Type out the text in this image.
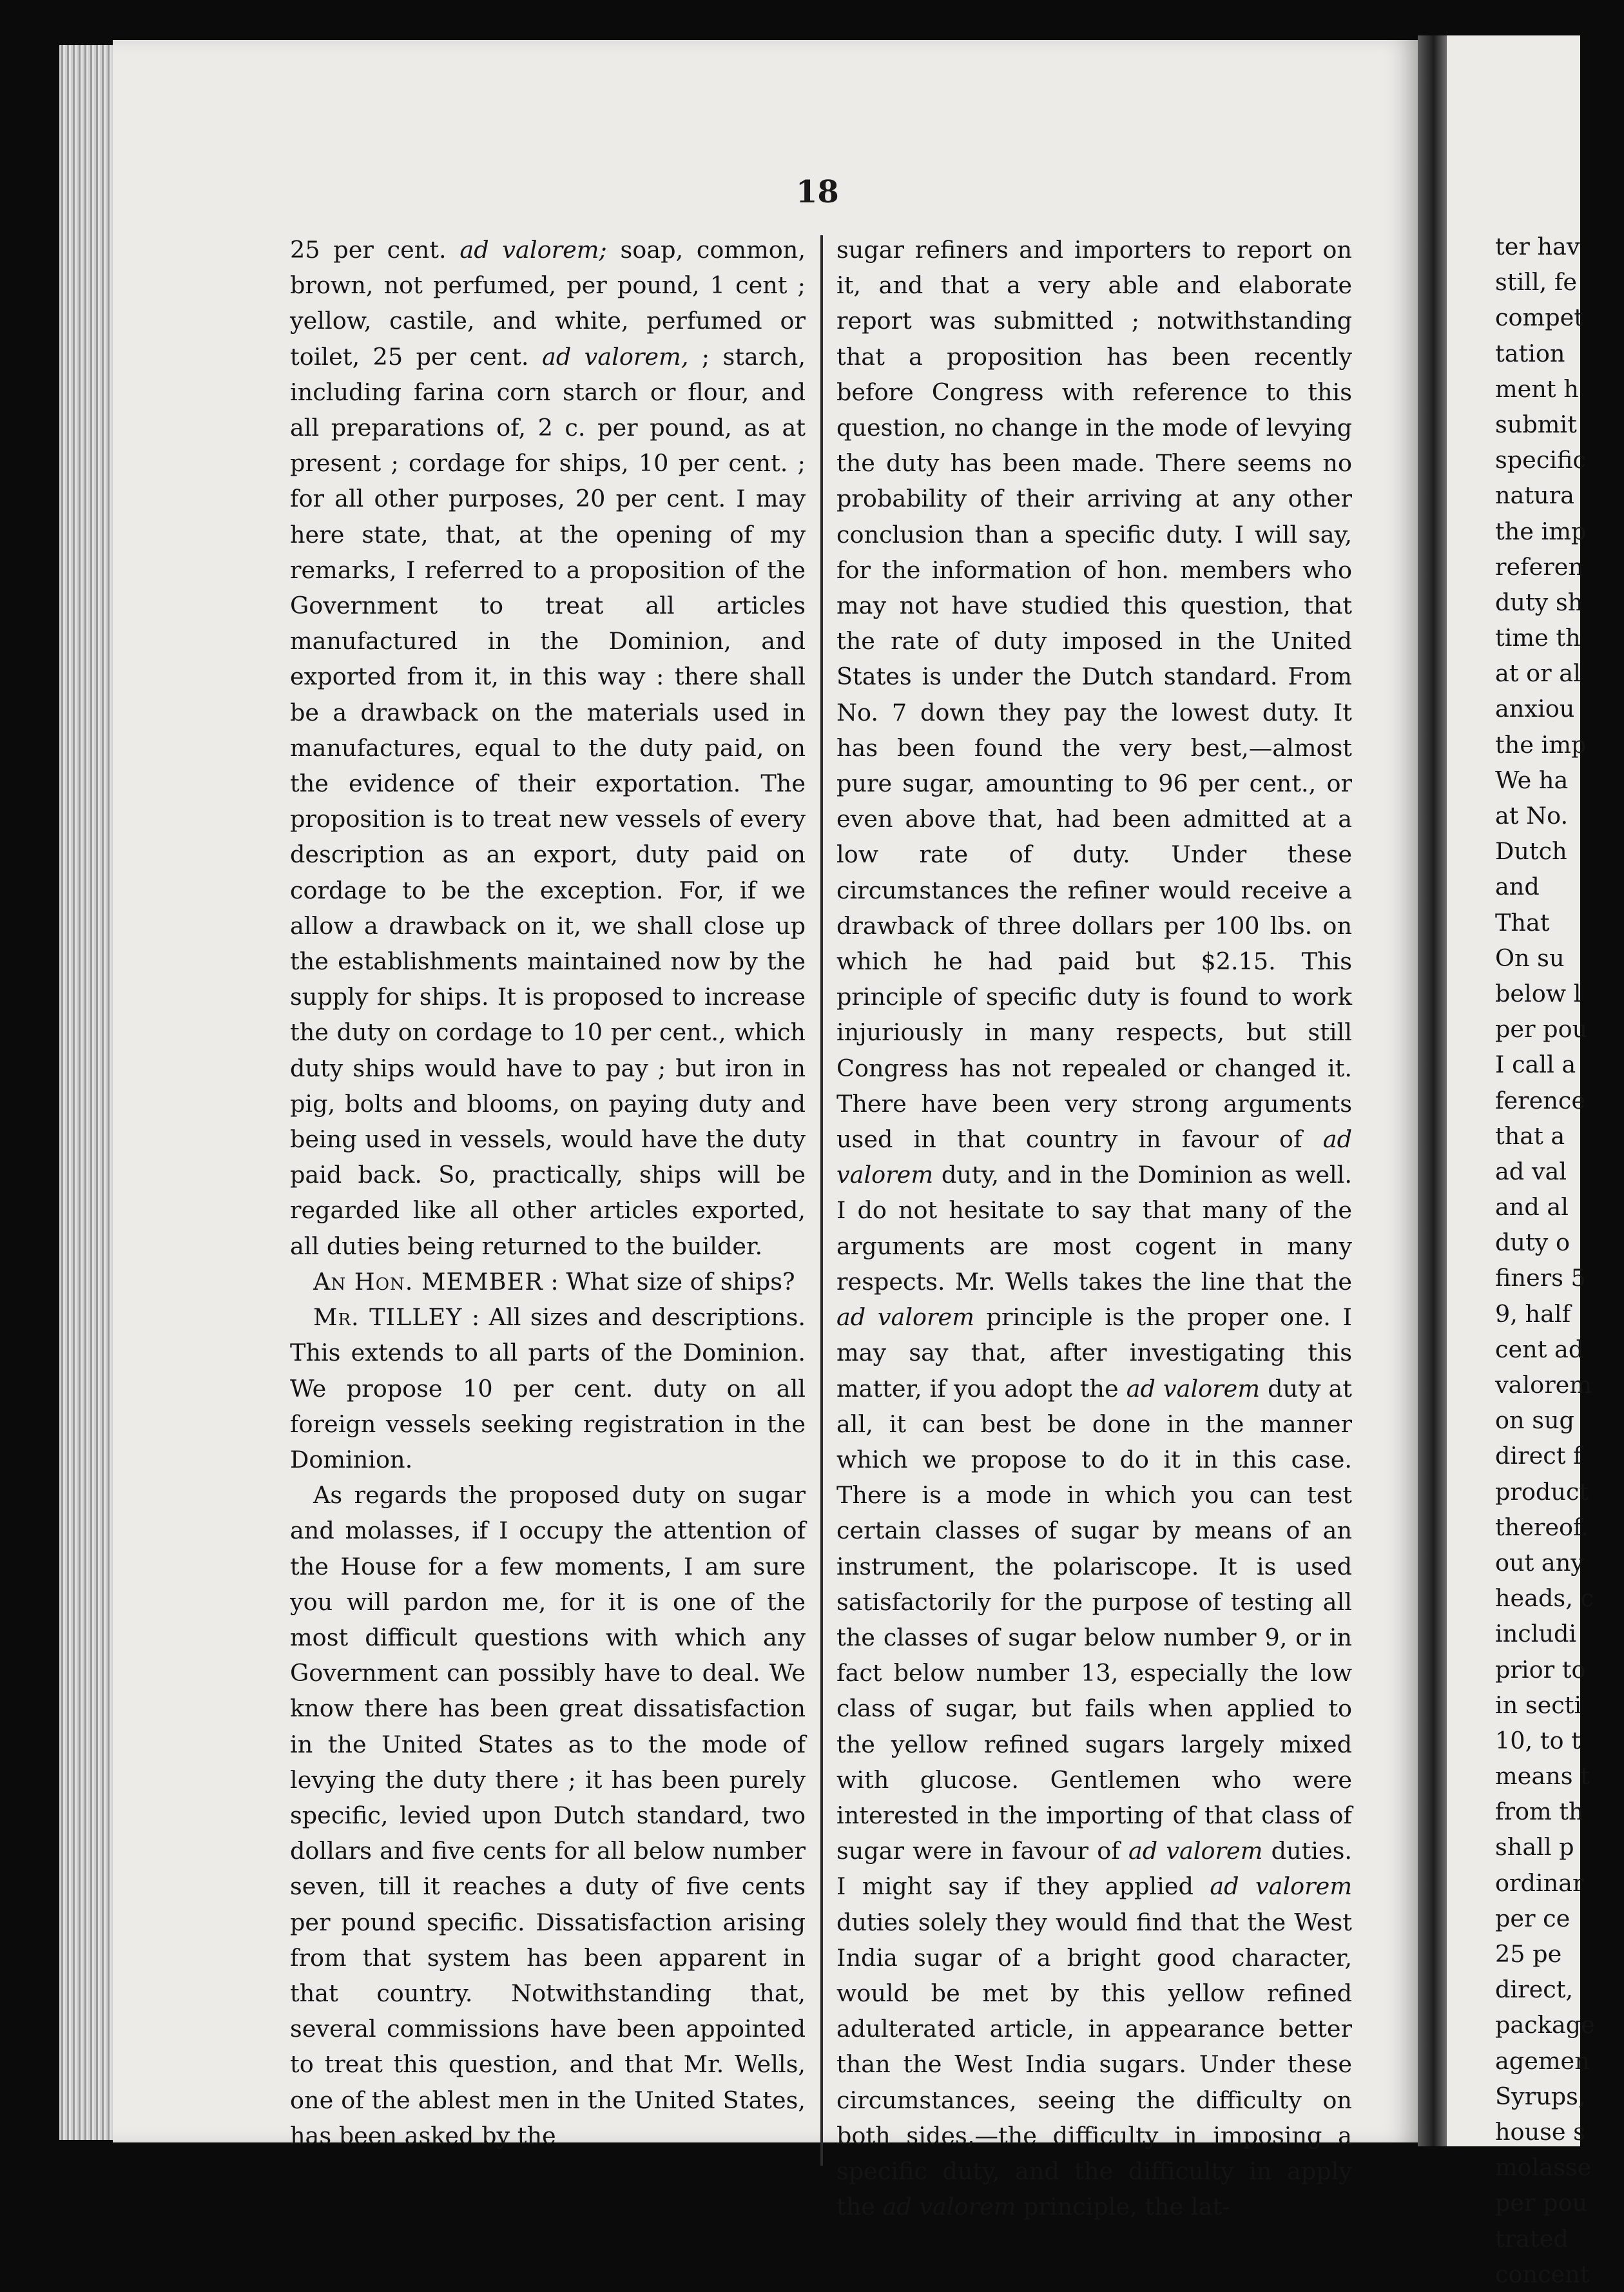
ter hav
still, fe
compet
tation
ment h
submit
specific
natura
the imp
referen
duty sh
time th
at or al
anxiou
the imp
We ha
at No.
Dutch
and
That
On su
below l
per pou
I call a
ference
that a
ad val
and al
duty o
finers 5
9, half
cent ad
valorem
on sug
direct f
product
thereof.
out any
heads, c
includi
prior to
in secti
10, to t
means t
from th
shall p
ordinar
per ce
25 pe
direct,
package
agemen
Syrups,
house s
molasse
per pou
trated
concent
18

25 per cent. ad valorem; soap, common, brown, not perfumed, per pound, 1 cent ; yellow, castile, and white, perfumed or toilet, 25 per cent. ad valorem, ; starch, including farina corn starch or flour, and all preparations of, 2 c. per pound, as at present ; cordage for ships, 10 per cent. ; for all other purposes, 20 per cent. I may here state, that, at the opening of my remarks, I referred to a proposition of the Government to treat all articles manufactured in the Dominion, and exported from it, in this way : there shall be a drawback on the materials used in manufactures, equal to the duty paid, on the evidence of their exportation. The proposition is to treat new vessels of every description as an export, duty paid on cordage to be the exception. For, if we allow a drawback on it, we shall close up the establishments maintained now by the supply for ships. It is proposed to increase the duty on cordage to 10 per cent., which duty ships would have to pay ; but iron in pig, bolts and blooms, on paying duty and being used in vessels, would have the duty paid back. So, practically, ships will be regarded like all other articles exported, all duties being returned to the builder.

An Hon. MEMBER : What size of ships?

Mr. TILLEY : All sizes and descriptions. This extends to all parts of the Dominion. We propose 10 per cent. duty on all foreign vessels seeking registration in the Dominion.

As regards the proposed duty on sugar and molasses, if I occupy the attention of the House for a few moments, I am sure you will pardon me, for it is one of the most difficult questions with which any Government can possibly have to deal. We know there has been great dissatisfaction in the United States as to the mode of levying the duty there ; it has been purely specific, levied upon Dutch standard, two dollars and five cents for all below number seven, till it reaches a duty of five cents per pound specific. Dissatisfaction arising from that system has been apparent in that country. Notwithstanding that, several commissions have been appointed to treat this question, and that Mr. Wells, one of the ablest men in the United States, has been asked by the

sugar refiners and importers to report on it, and that a very able and elaborate report was submitted ; notwithstanding that a proposition has been recently before Congress with reference to this question, no change in the mode of levying the duty has been made. There seems no probability of their arriving at any other conclusion than a specific duty. I will say, for the information of hon. members who may not have studied this question, that the rate of duty imposed in the United States is under the Dutch standard. From No. 7 down they pay the lowest duty. It has been found the very best,—almost pure sugar, amounting to 96 per cent., or even above that, had been admitted at a low rate of duty. Under these circumstances the refiner would receive a drawback of three dollars per 100 lbs. on which he had paid but $2.15. This principle of specific duty is found to work injuriously in many respects, but still Congress has not repealed or changed it. There have been very strong arguments used in that country in favour of ad valorem duty, and in the Dominion as well. I do not hesitate to say that many of the arguments are most cogent in many respects. Mr. Wells takes the line that the ad valorem principle is the proper one. I may say that, after investigating this matter, if you adopt the ad valorem duty at all, it can best be done in the manner which we propose to do it in this case. There is a mode in which you can test certain classes of sugar by means of an instrument, the polariscope. It is used satisfactorily for the purpose of testing all the classes of sugar below number 9, or in fact below number 13, especially the low class of sugar, but fails when applied to the yellow refined sugars largely mixed with glucose. Gentlemen who were interested in the importing of that class of sugar were in favour of ad valorem duties. I might say if they applied ad valorem duties solely they would find that the West India sugar of a bright good character, would be met by this yellow refined adulterated article, in appearance better than the West India sugars. Under these circumstances, seeing the difficulty on both sides,—the difficulty in imposing a specific duty, and the difficulty in apply the ad valorem principle, the lat-
